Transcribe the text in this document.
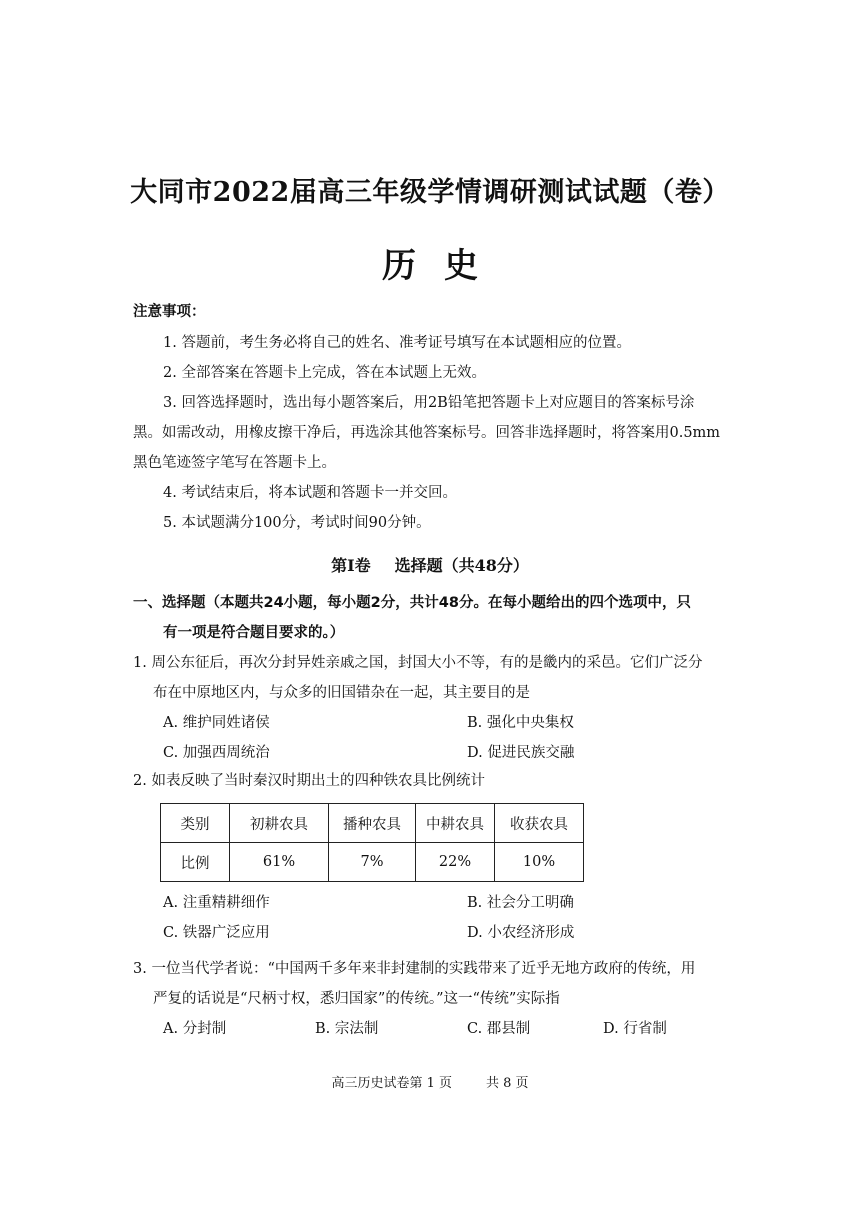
大同市2022届高三年级学情调研测试试题（卷）
历史
注意事项：
1. 答题前，考生务必将自己的姓名、准考证号填写在本试题相应的位置。
2. 全部答案在答题卡上完成，答在本试题上无效。
3. 回答选择题时，选出每小题答案后，用2B铅笔把答题卡上对应题目的答案标号涂
黑。如需改动，用橡皮擦干净后，再选涂其他答案标号。回答非选择题时，将答案用0.5mm
黑色笔迹签字笔写在答题卡上。
4. 考试结束后，将本试题和答题卡一并交回。
5. 本试题满分100分，考试时间90分钟。
第Ⅰ卷 选择题（共48分）
一、选择题（本题共24小题，每小题2分，共计48分。在每小题给出的四个选项中，只
有一项是符合题目要求的。）
1. 周公东征后，再次分封异姓亲戚之国，封国大小不等，有的是畿内的采邑。它们广泛分
布在中原地区内，与众多的旧国错杂在一起，其主要目的是
A. 维护同姓诸侯	B. 强化中央集权
C. 加强西周统治	D. 促进民族交融
2. 如表反映了当时秦汉时期出土的四种铁农具比例统计
类别	初耕农具	播种农具	中耕农具	收获农具
比例	61%	7%	22%	10%
A. 注重精耕细作	B. 社会分工明确
C. 铁器广泛应用	D. 小农经济形成
3. 一位当代学者说：“中国两千多年来非封建制的实践带来了近乎无地方政府的传统，用
严复的话说是“尺柄寸权，悉归国家”的传统。”这一“传统”实际指
A. 分封制	B. 宗法制	C. 郡县制	D. 行省制
高三历史试卷第 1 页	共 8 页
